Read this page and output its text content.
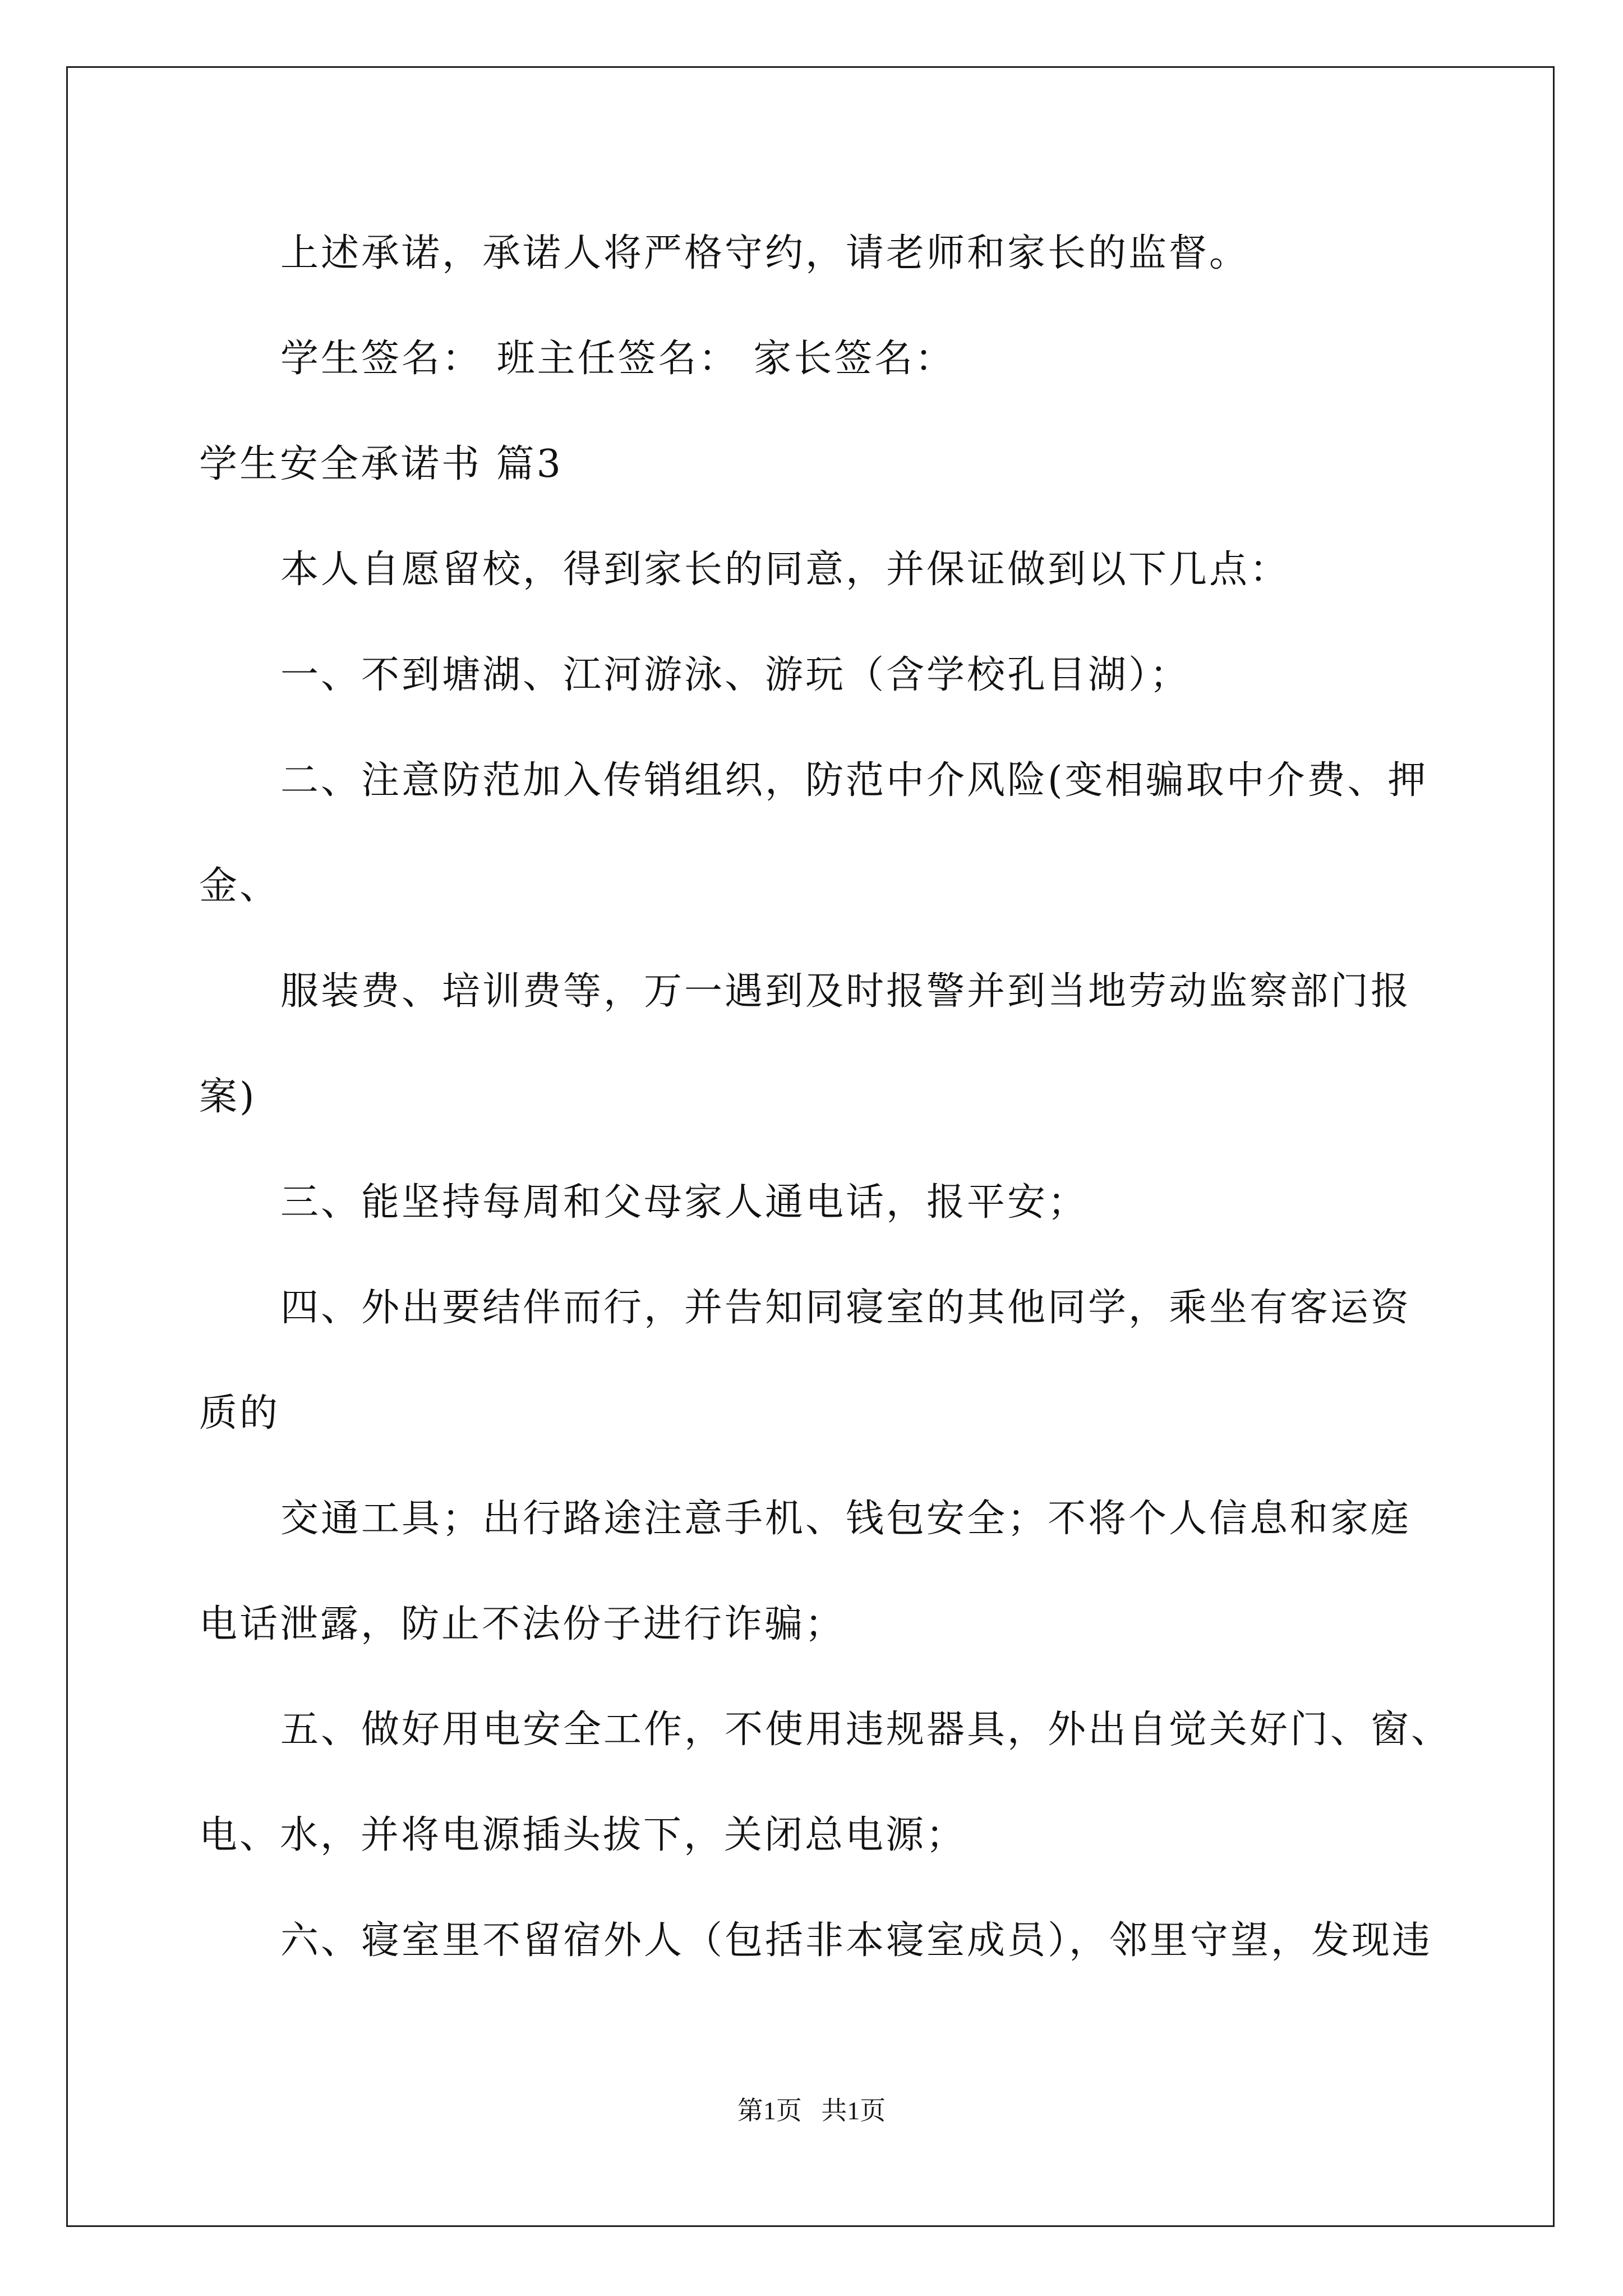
上述承诺，承诺人将严格守约，请老师和家长的监督。
学生签名： 班主任签名： 家长签名：
学生安全承诺书 篇3
本人自愿留校，得到家长的同意，并保证做到以下几点：
一、不到塘湖、江河游泳、游玩（含学校孔目湖）；
二、注意防范加入传销组织，防范中介风险(变相骗取中介费、押
金、
服装费、培训费等，万一遇到及时报警并到当地劳动监察部门报
案)
三、能坚持每周和父母家人通电话，报平安；
四、外出要结伴而行，并告知同寝室的其他同学，乘坐有客运资
质的
交通工具；出行路途注意手机、钱包安全；不将个人信息和家庭
电话泄露，防止不法份子进行诈骗；
五、做好用电安全工作，不使用违规器具，外出自觉关好门、窗、
电、水，并将电源插头拔下，关闭总电源；
六、寝室里不留宿外人（包括非本寝室成员），邻里守望，发现违
第1页   共1页
